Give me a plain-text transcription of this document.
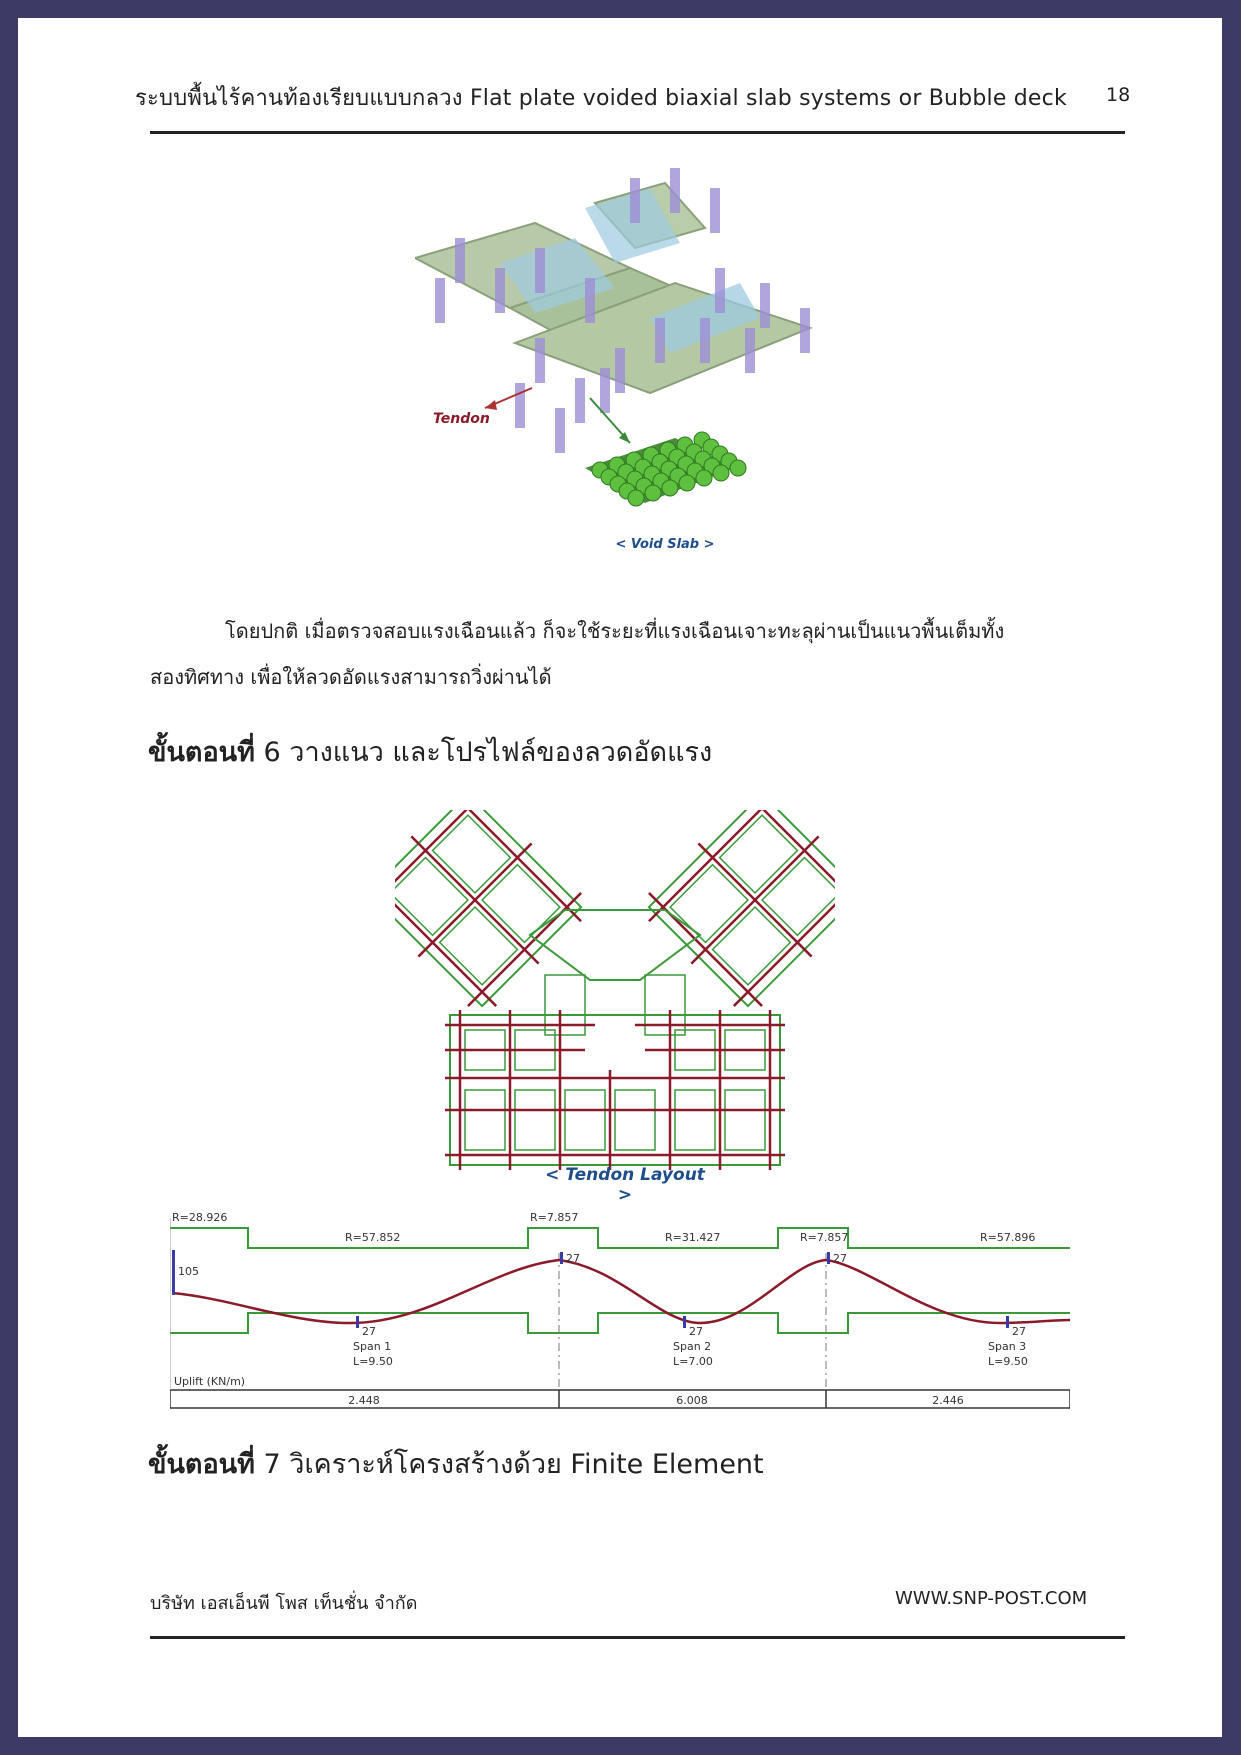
ระบบพื้นไร้คานท้องเรียบแบบกลวง Flat plate voided biaxial slab systems or Bubble deck 18
Tendon
< Void Slab >
โดยปกติ เมื่อตรวจสอบแรงเฉือนแล้ว ก็จะใช้ระยะที่แรงเฉือนเจาะทะลุผ่านเป็นแนวพื้นเต็มทั้ง
สองทิศทาง เพื่อให้ลวดอัดแรงสามารถวิ่งผ่านได้
ขั้นตอนที่ 6 วางแนว และโปรไฟล์ของลวดอัดแรง
< Tendon Layout >
R=28.926
R=57.852
R=7.857
R=31.427	R=7.857	R=57.896
105
27
27
27
27
27
Span 1
L=9.50
Span 2
L=7.00
Span 3
L=9.50
Uplift (KN/m)
2.448	6.008	2.446
ขั้นตอนที่ 7 วิเคราะห์โครงสร้างด้วย Finite Element
บริษัท เอสเอ็นพี โพส เท็นชั่น จำกัด	WWW.SNP-POST.COM
